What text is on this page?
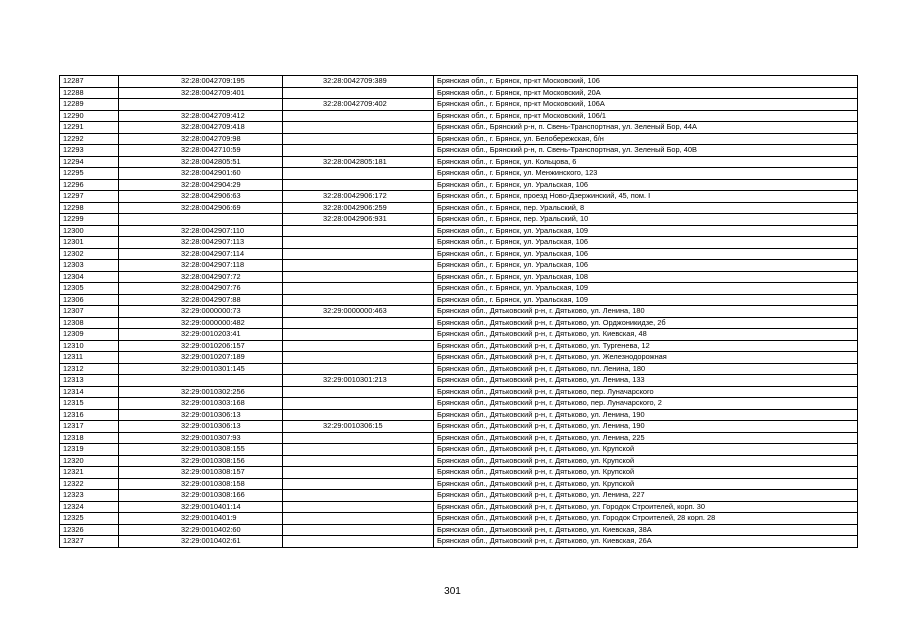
12287	32:28:0042709:195	32:28:0042709:389	Брянская обл., г. Брянск, пр-кт Московский, 106
12288	32:28:0042709:401		Брянская обл., г. Брянск, пр-кт Московский, 20А
12289		32:28:0042709:402	Брянская обл., г. Брянск, пр-кт Московский, 106А
12290	32:28:0042709:412		Брянская обл., г. Брянск, пр-кт Московский, 106/1
12291	32:28:0042709:418		Брянская обл., Брянский р-н, п. Свень-Транспортная, ул. Зеленый Бор, 44А
12292	32:28:0042709:98		Брянская обл., г. Брянск, ул. Белобережская, б/н
12293	32:28:0042710:59		Брянская обл., Брянский р-н, п. Свень-Транспортная, ул. Зеленый Бор, 40В
12294	32:28:0042805:51	32:28:0042805:181	Брянская обл., г. Брянск, ул. Кольцова, 6
12295	32:28:0042901:60		Брянская обл., г. Брянск, ул. Менжинского, 123
12296	32:28:0042904:29		Брянская обл., г. Брянск, ул. Уральская, 106
12297	32:28:0042906:63	32:28:0042906:172	Брянская обл., г. Брянск, проезд Ново-Дзержинский, 45, пом. I
12298	32:28:0042906:69	32:28:0042906:259	Брянская обл., г. Брянск, пер. Уральский, 8
12299		32:28:0042906:931	Брянская обл., г. Брянск, пер. Уральский, 10
12300	32:28:0042907:110		Брянская обл., г. Брянск, ул. Уральская, 109
12301	32:28:0042907:113		Брянская обл., г. Брянск, ул. Уральская, 106
12302	32:28:0042907:114		Брянская обл., г. Брянск, ул. Уральская, 106
12303	32:28:0042907:118		Брянская обл., г. Брянск, ул. Уральская, 106
12304	32:28:0042907:72		Брянская обл., г. Брянск, ул. Уральская, 108
12305	32:28:0042907:76		Брянская обл., г. Брянск, ул. Уральская, 109
12306	32:28:0042907:88		Брянская обл., г. Брянск, ул. Уральская, 109
12307	32:29:0000000:73	32:29:0000000:463	Брянская обл., Дятьковский р-н, г. Дятьково, ул. Ленина, 180
12308	32:29:0000000:482		Брянская обл., Дятьковский р-н, г. Дятьково, ул. Орджоникидзе, 2б
12309	32:29:0010203:41		Брянская обл., Дятьковский р-н, г. Дятьково, ул. Киевская, 48
12310	32:29:0010206:157		Брянская обл., Дятьковский р-н, г. Дятьково, ул. Тургенева, 12
12311	32:29:0010207:189		Брянская обл., Дятьковский р-н, г. Дятьково, ул. Железнодорожная
12312	32:29:0010301:145		Брянская обл., Дятьковский р-н, г. Дятьково, пл. Ленина, 180
12313		32:29:0010301:213	Брянская обл., Дятьковский р-н, г. Дятьково, ул. Ленина, 133
12314	32:29:0010302:256		Брянская обл., Дятьковский р-н, г. Дятьково, пер. Луначарского
12315	32:29:0010303:168		Брянская обл., Дятьковский р-н, г. Дятьково, пер. Луначарского, 2
12316	32:29:0010306:13		Брянская обл., Дятьковский р-н, г. Дятьково, ул. Ленина, 190
12317	32:29:0010306:13	32:29:0010306:15	Брянская обл., Дятьковский р-н, г. Дятьково, ул. Ленина, 190
12318	32:29:0010307:93		Брянская обл., Дятьковский р-н, г. Дятьково, ул. Ленина, 225
12319	32:29:0010308:155		Брянская обл., Дятьковский р-н, г. Дятьково, ул. Крупской
12320	32:29:0010308:156		Брянская обл., Дятьковский р-н, г. Дятьково, ул. Крупской
12321	32:29:0010308:157		Брянская обл., Дятьковский р-н, г. Дятьково, ул. Крупской
12322	32:29:0010308:158		Брянская обл., Дятьковский р-н, г. Дятьково, ул. Крупской
12323	32:29:0010308:166		Брянская обл., Дятьковский р-н, г. Дятьково, ул. Ленина, 227
12324	32:29:0010401:14		Брянская обл., Дятьковский р-н, г. Дятьково, ул. Городок Строителей, корп. 30
12325	32:29:0010401:9		Брянская обл., Дятьковский р-н, г. Дятьково, ул. Городок Строителей, 28 корп. 28
12326	32:29:0010402:60		Брянская обл., Дятьковский р-н, г. Дятьково, ул. Киевская, 38А
12327	32:29:0010402:61		Брянская обл., Дятьковский р-н, г. Дятьково, ул. Киевская, 26А
301
